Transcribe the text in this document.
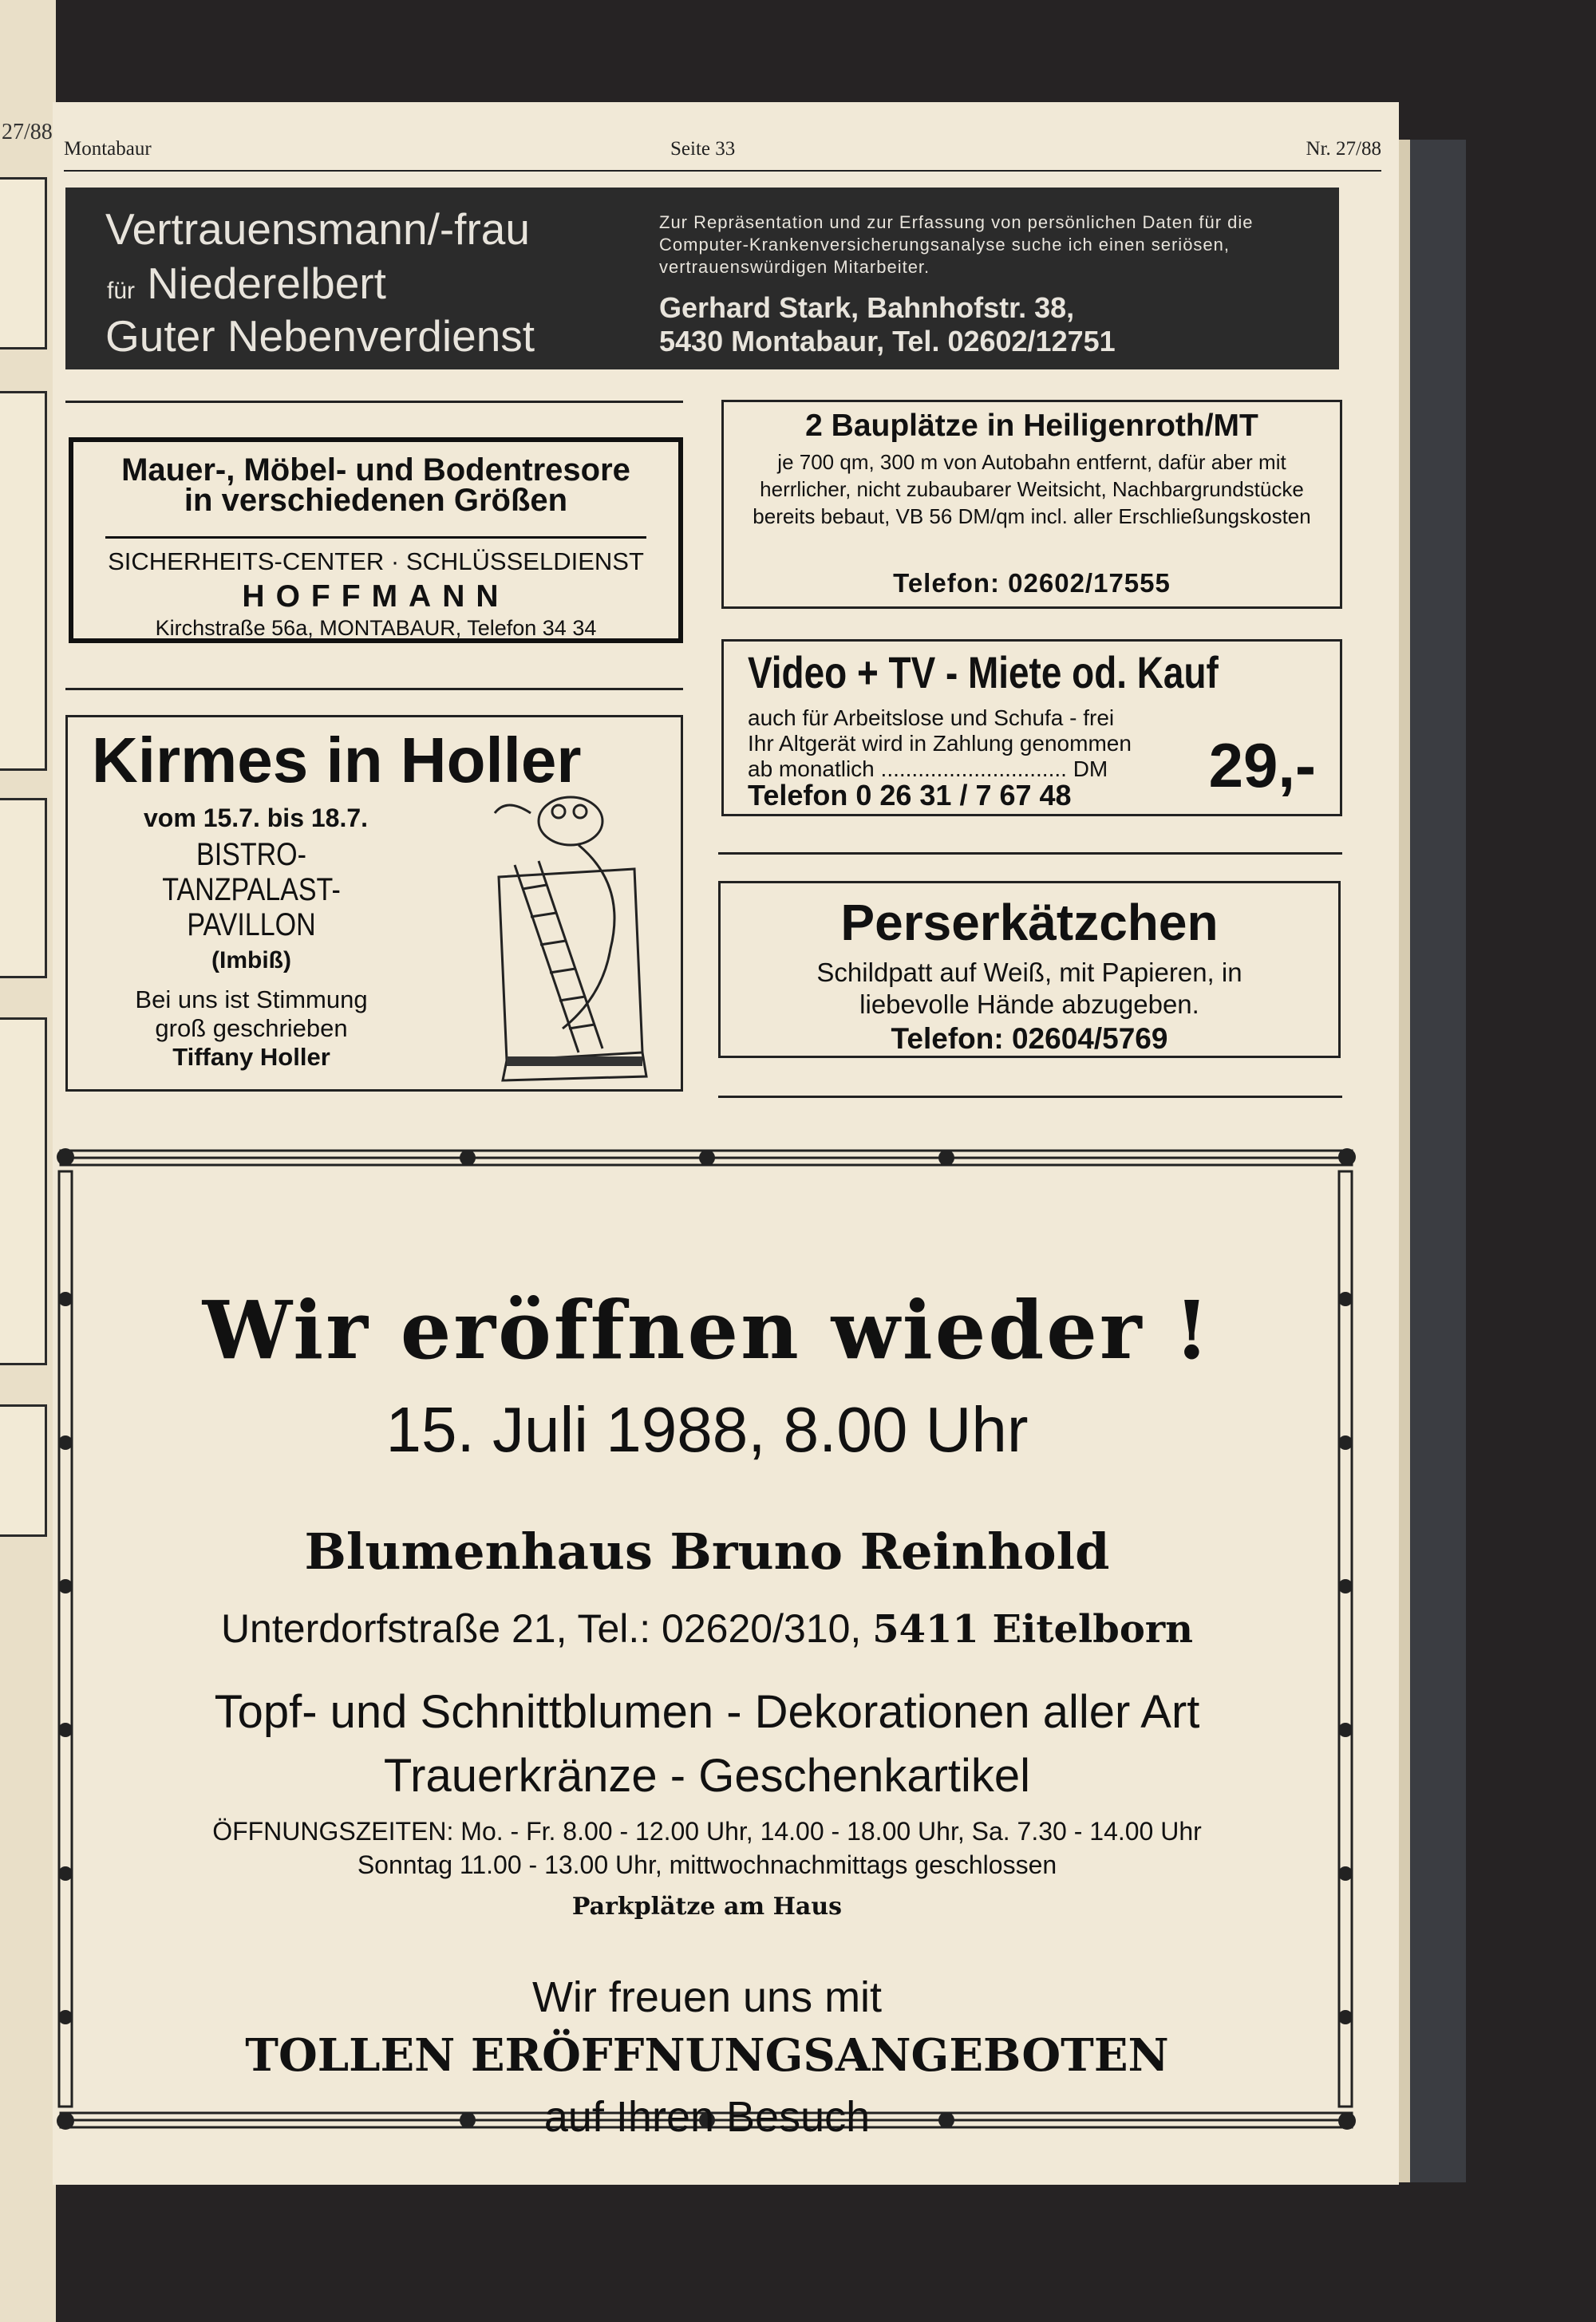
27/88
Montabaur	Seite 33	Nr. 27/88
Vertrauensmann/-frau
für Niederelbert
Guter Nebenverdienst
Zur Repräsentation und zur Erfassung von persönlichen Daten für die Computer-Krankenversicherungsanalyse suche ich einen seriösen, vertrauenswürdigen Mitarbeiter.
Gerhard Stark, Bahnhofstr. 38,
5430 Montabaur, Tel. 02602/12751
Mauer-, Möbel- und Bodentresore
in verschiedenen Größen
SICHERHEITS-CENTER · SCHLÜSSELDIENST
HOFFMANN
Kirchstraße 56a, MONTABAUR, Telefon 34 34
2 Bauplätze in Heiligenroth/MT
je 700 qm, 300 m von Autobahn entfernt, dafür aber mit herrlicher, nicht zubaubarer Weitsicht, Nachbargrundstücke bereits bebaut, VB 56 DM/qm incl. aller Erschließungskosten
Telefon: 02602/17555
Video + TV - Miete od. Kauf
auch für Arbeitslose und Schufa - frei
Ihr Altgerät wird in Zahlung genommen
ab monatlich .............................. DM	29,-
Telefon 0 26 31 / 7 67 48
Kirmes in Holler
vom 15.7. bis 18.7.
BISTRO-
TANZPALAST-
PAVILLON
(Imbiß)
Bei uns ist Stimmung
groß geschrieben
Tiffany Holler
Perserkätzchen
Schildpatt auf Weiß, mit Papieren, in
liebevolle Hände abzugeben.
Telefon: 02604/5769
Wir eröffnen wieder !
15. Juli 1988, 8.00 Uhr
Blumenhaus Bruno Reinhold
Unterdorfstraße 21, Tel.: 02620/310, 5411 Eitelborn
Topf- und Schnittblumen - Dekorationen aller Art
Trauerkränze - Geschenkartikel
ÖFFNUNGSZEITEN: Mo. - Fr. 8.00 - 12.00 Uhr, 14.00 - 18.00 Uhr, Sa. 7.30 - 14.00 Uhr
Sonntag 11.00 - 13.00 Uhr, mittwochnachmittags geschlossen
Parkplätze am Haus
Wir freuen uns mit
TOLLEN ERÖFFNUNGSANGEBOTEN
auf Ihren Besuch
